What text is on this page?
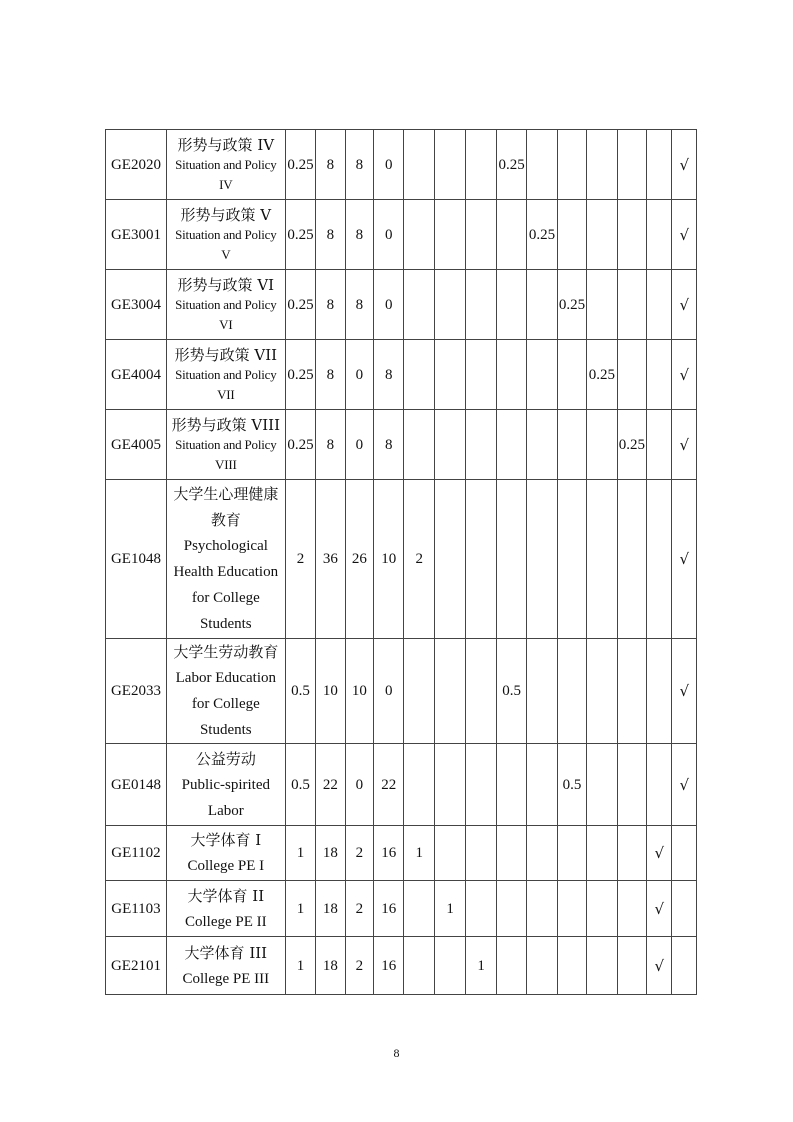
GE2020	形势与政策 IV
Situation and Policy
IV	0.25	8	8	0				0.25						√
GE3001	形势与政策 V
Situation and Policy
V	0.25	8	8	0					0.25					√
GE3004	形势与政策 VI
Situation and Policy
VI	0.25	8	8	0						0.25				√
GE4004	形势与政策 VII
Situation and Policy
VII	0.25	8	0	8							0.25			√
GE4005	形势与政策 VIII
Situation and Policy
VIII	0.25	8	0	8								0.25		√
GE1048	大学生心理健康教育
Psychological Health Education for College Students	2	36	26	10	2									√
GE2033	大学生劳动教育
Labor Education for College Students	0.5	10	10	0				0.5						√
GE0148	公益劳动
Public-spirited Labor	0.5	22	0	22						0.5				√
GE1102	大学体育 I
College PE I	1	18	2	16	1								√	
GE1103	大学体育 II
College PE II	1	18	2	16		1							√	
GE2101	大学体育 III
College PE III	1	18	2	16			1						√	
8
